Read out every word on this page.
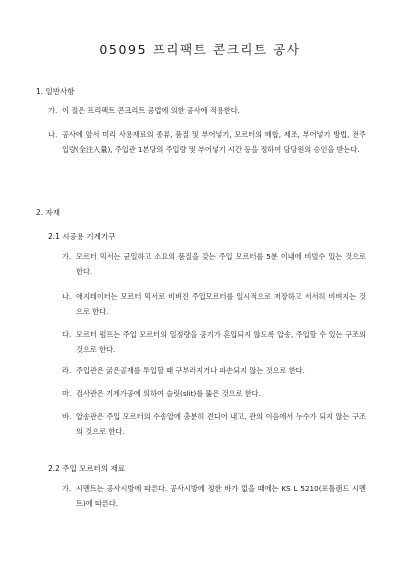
05095 프리팩트 콘크리트 공사
1. 일반사항
가. 이 절은 프리팩트 콘크리트 공법에 의한 공사에 적용한다.
나. 공사에 앞서 미리 사용재료의 종류, 품질 및 부어넣기, 모르터의 배합, 제조, 부어넣기 방법, 전주입량(全注入量), 주입관 1본당의 주입량 및 부어넣기 시간 등을 정하여 담당원의 승인을 받는다.
2. 자재
2.1 시공용 기계기구
가. 모르터 믹서는 균일하고 소요의 품질을 갖는 주입 모르터를 5분 이내에 비빌수 있는 것으로 한다.
나. 애지테이터는 모르터 믹서로 비벼진 주입모르터를 일시적으로 저장하고 서서히 비벼지는 것으로 한다.
다. 모르터 펌프는 주입 모르터의 일정량을 공기가 혼입되지 않도록 압송, 주입할 수 있는 구조의 것으로 한다.
라. 주입관은 굵은골재를 투입할 때 구부러지거나 파손되지 않는 것으로 한다.
마. 검사관은 기계가공에 의하여 슬릿(slit)를 뚫은 것으로 한다.
바. 압송관은 주입 모르터의 수송압에 충분히 견디어 내고, 관의 이음에서 누수가 되지 않는 구조의 것으로 한다.
2.2 주입 모르터의 재료
가. 시멘트는 공사시방에 따른다. 공사시방에 정한 바가 없을 때에는 KS L 5210(포틀랜드 시멘트)에 따른다.
